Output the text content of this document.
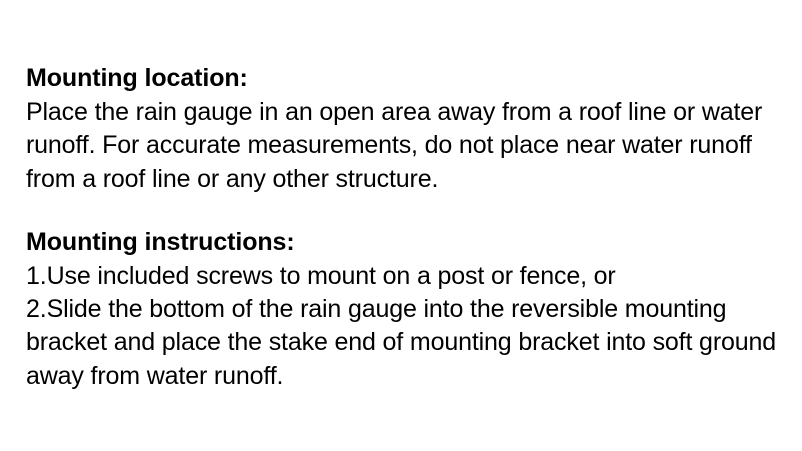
Mounting location:

Place the rain gauge in an open area away from a roof line or water runoff. For accurate measurements, do not place near water runoff from a roof line or any other structure.

Mounting instructions:
1.Use included screws to mount on a post or fence, or
2.Slide the bottom of the rain gauge into the reversible mounting bracket and place the stake end of mounting bracket into soft ground away from water runoff.
